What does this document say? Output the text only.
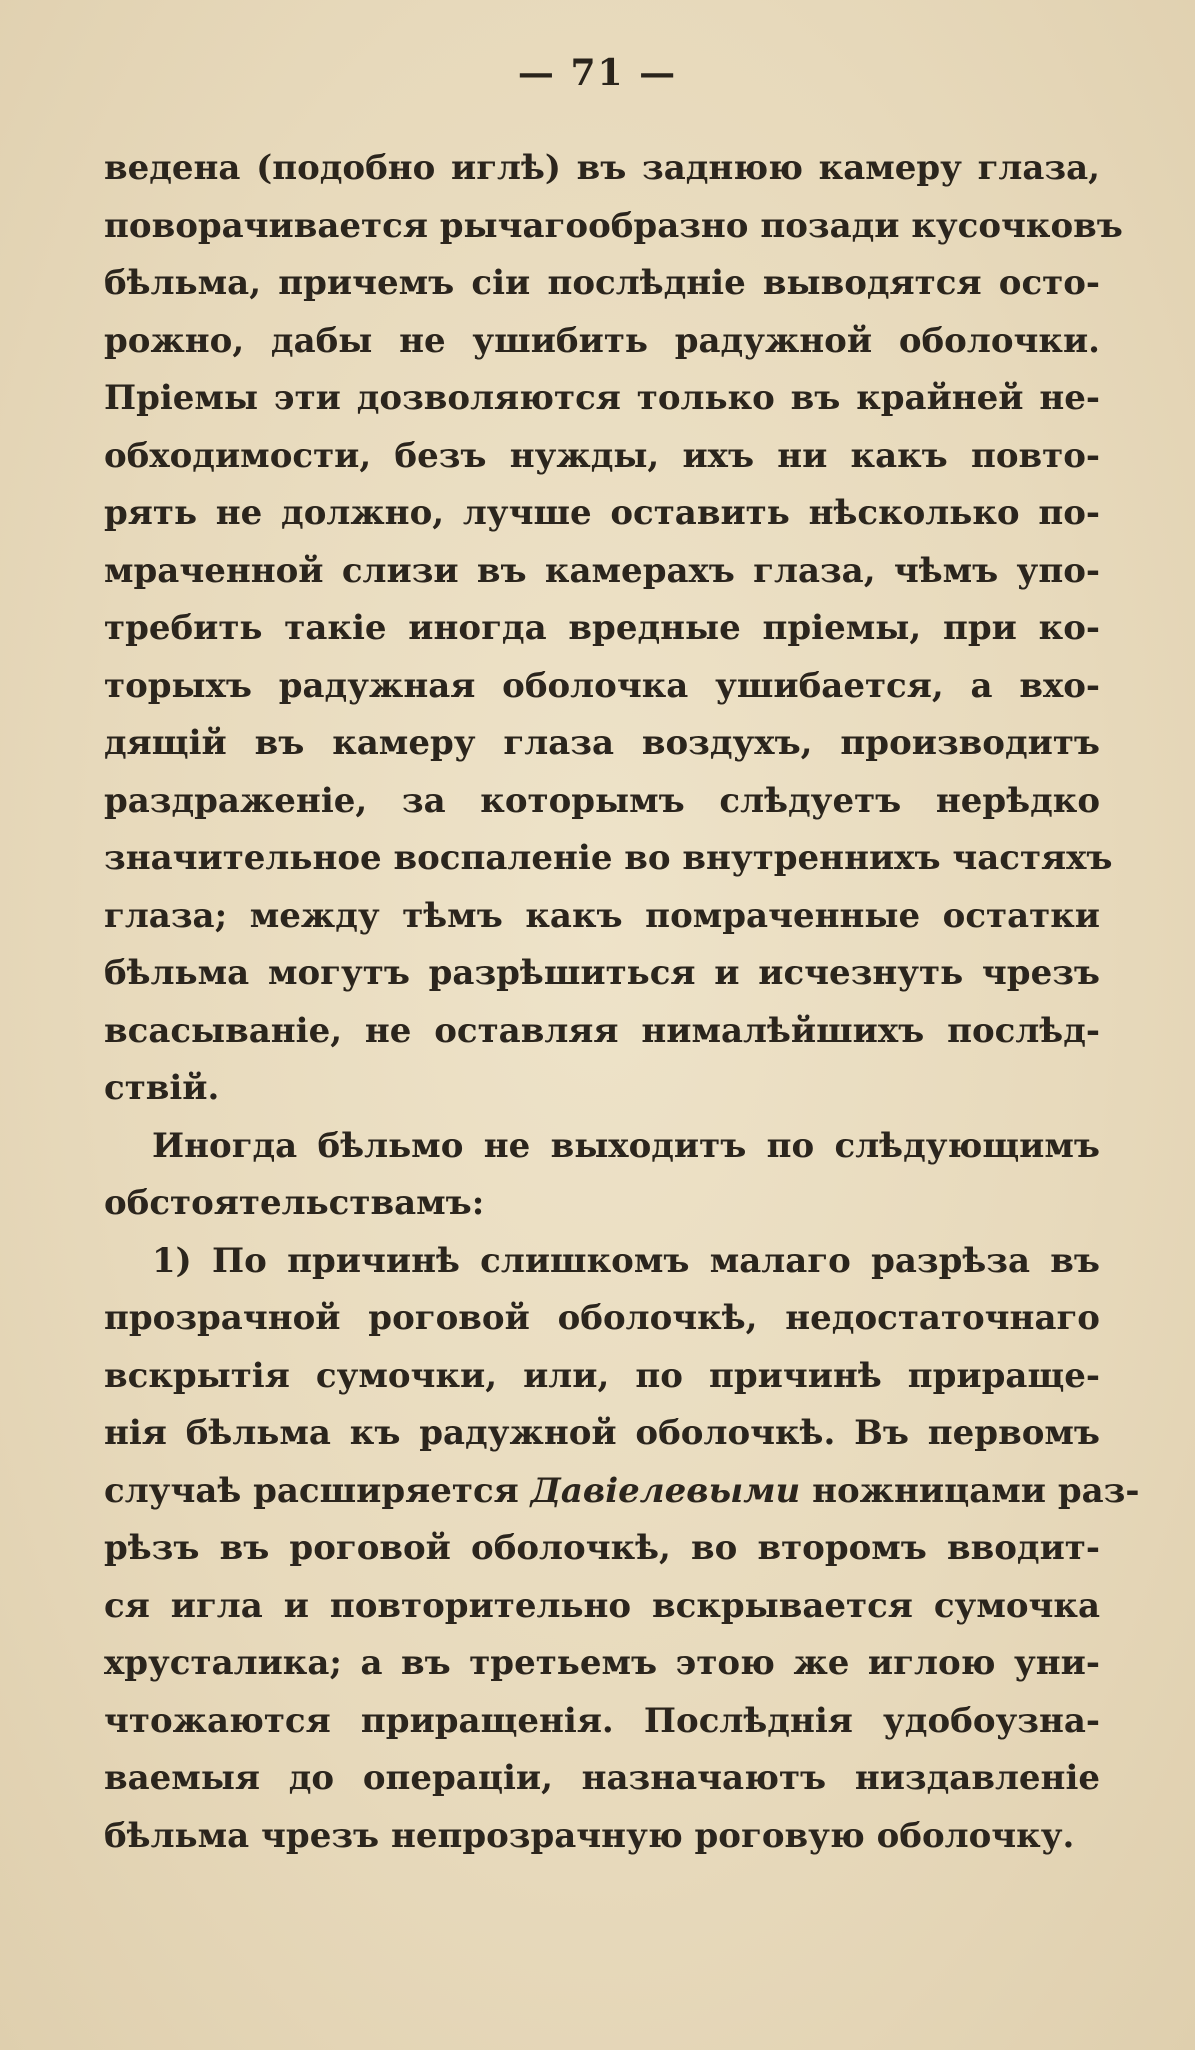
— 71 —
ведена (подобно иглѣ) въ заднюю камеру глаза,
поворачивается рычагообразно позади кусочковъ
бѣльма, причемъ сіи послѣдніе выводятся осто-
рожно, дабы не ушибить радужной оболочки.
Пріемы эти дозволяются только въ крайней не-
обходимости, безъ нужды, ихъ ни какъ повто-
рять не должно, лучше оставить нѣсколько по-
мраченной слизи въ камерахъ глаза, чѣмъ упо-
требить такіе иногда вредные пріемы, при ко-
торыхъ радужная оболочка ушибается, а вхо-
дящій въ камеру глаза воздухъ, производитъ
раздраженіе, за которымъ слѣдуетъ нерѣдко
значительное воспаленіе во внутреннихъ частяхъ
глаза; между тѣмъ какъ помраченные остатки
бѣльма могутъ разрѣшиться и исчезнуть чрезъ
всасываніе, не оставляя нималѣйшихъ послѣд-
ствій.
Иногда бѣльмо не выходитъ по слѣдующимъ
обстоятельствамъ:
1) По причинѣ слишкомъ малаго разрѣза въ
прозрачной роговой оболочкѣ, недостаточнаго
вскрытія сумочки, или, по причинѣ прираще-
нія бѣльма къ радужной оболочкѣ. Въ первомъ
случаѣ расширяется Давіелевыми ножницами раз-
рѣзъ въ роговой оболочкѣ, во второмъ вводит-
ся игла и повторительно вскрывается сумочка
хрусталика; а въ третьемъ этою же иглою уни-
чтожаются приращенія. Послѣднія удобоузна-
ваемыя до операціи, назначаютъ низдавленіе
бѣльма чрезъ непрозрачную роговую оболочку.
